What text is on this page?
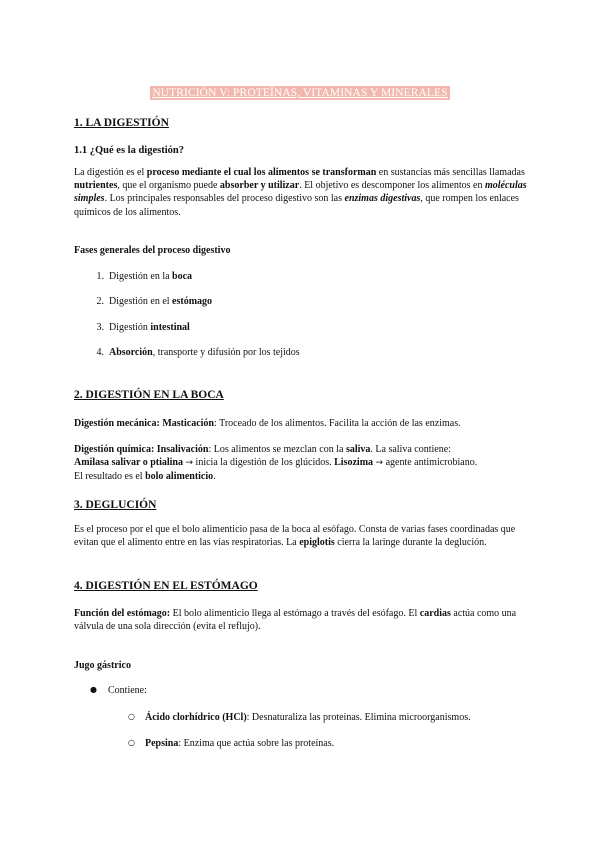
NUTRICIÓN V: PROTEÍNAS, VITAMINAS Y MINERALES
1. LA DIGESTIÓN
1.1 ¿Qué es la digestión?
La digestión es el proceso mediante el cual los alimentos se transforman en sustancias más sencillas llamadas nutrientes, que el organismo puede absorber y utilizar. El objetivo es descomponer los alimentos en moléculas simples. Los principales responsables del proceso digestivo son las enzimas digestivas, que rompen los enlaces químicos de los alimentos.
Fases generales del proceso digestivo
1. Digestión en la boca
2. Digestión en el estómago
3. Digestión intestinal
4. Absorción, transporte y difusión por los tejidos
2. DIGESTIÓN EN LA BOCA
Digestión mecánica: Masticación: Troceado de los alimentos. Facilita la acción de las enzimas.
Digestión química: Insalivación: Los alimentos se mezclan con la saliva. La saliva contiene:
Amilasa salivar o ptialina → inicia la digestión de los glúcidos. Lisozima → agente antimicrobiano.
El resultado es el bolo alimenticio.
3. DEGLUCIÓN
Es el proceso por el que el bolo alimenticio pasa de la boca al esófago. Consta de varias fases coordinadas que evitan que el alimento entre en las vías respiratorias. La epiglotis cierra la laringe durante la deglución.
4. DIGESTIÓN EN EL ESTÓMAGO
Función del estómago: El bolo alimenticio llega al estómago a través del esófago. El cardias actúa como una válvula de una sola dirección (evita el reflujo).
Jugo gástrico
● Contiene:
○ Ácido clorhídrico (HCl): Desnaturaliza las proteínas. Elimina microorganismos.
○ Pepsina: Enzima que actúa sobre las proteínas.
